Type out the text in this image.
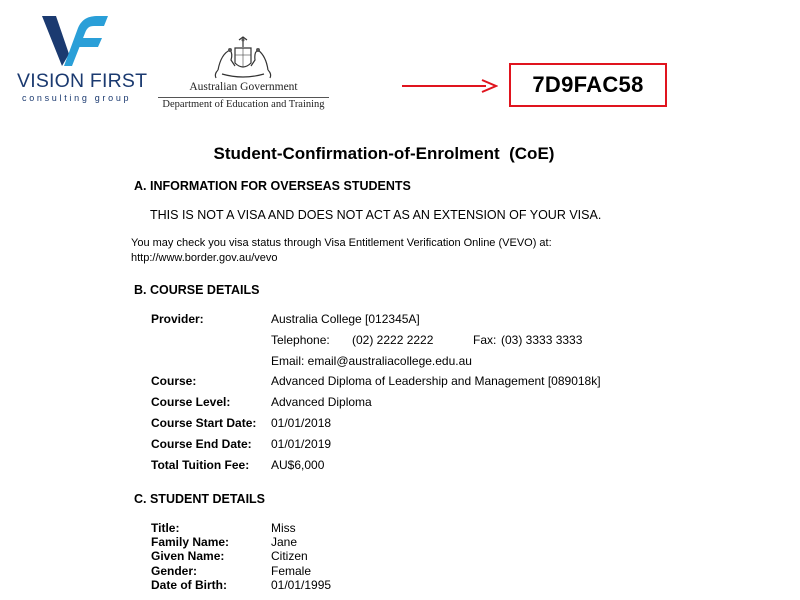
VISION FIRST
consulting group
Australian Government
Department of Education and Training
7D9FAC58
Student-Confirmation-of-Enrolment  (CoE)
A. INFORMATION FOR OVERSEAS STUDENTS
THIS IS NOT A VISA AND DOES NOT ACT AS AN EXTENSION OF YOUR VISA.
You may check you visa status through Visa Entitlement Verification Online (VEVO) at:
http://www.border.gov.au/vevo
B. COURSE DETAILS
Provider:	Australia College [012345A]
Telephone: (02) 2222 2222	Fax: (03) 3333 3333
Email: email@australiacollege.edu.au
Course:	Advanced Diploma of Leadership and Management [089018k]
Course Level:	Advanced Diploma
Course Start Date: 01/01/2018
Course End Date: 01/01/2019
Total Tuition Fee: AU$6,000
C. STUDENT DETAILS
Title:	Miss
Family Name:	Jane
Given Name:	Citizen
Gender:	Female
Date of Birth:	01/01/1995
